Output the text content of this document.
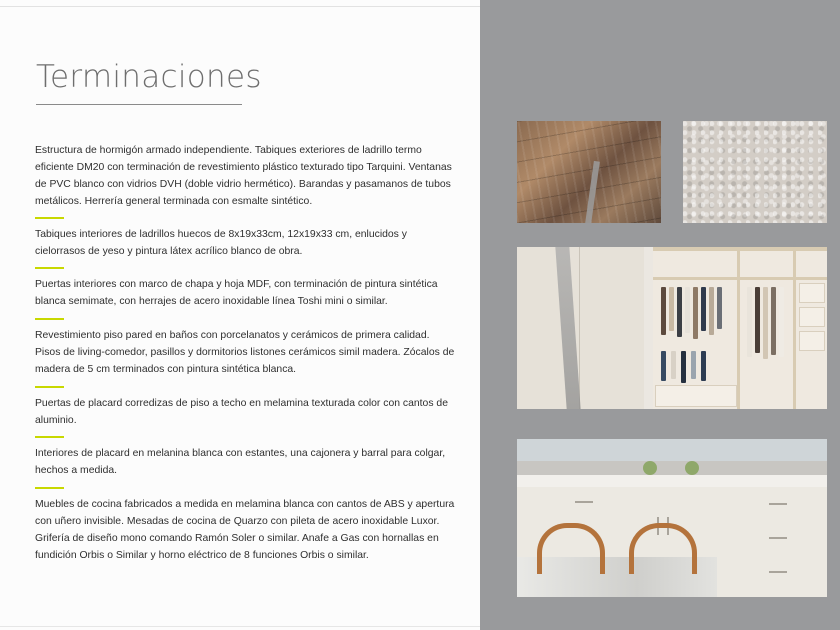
Terminaciones

Estructura de hormigón armado independiente. Tabiques exteriores de ladrillo termo eficiente DM20 con terminación de revestimiento plástico texturado tipo Tarquini. Ventanas de PVC blanco con vidrios DVH (doble vidrio hermético). Barandas y pasamanos de tubos metálicos. Herrería general terminada con esmalte sintético.

Tabiques interiores de ladrillos huecos de 8x19x33cm, 12x19x33 cm, enlucidos y cielorrasos de yeso y pintura látex acrílico blanco de obra.

Puertas interiores con marco de chapa y hoja MDF, con terminación de pintura sintética blanca semimate, con herrajes de acero inoxidable línea Toshi mini o similar.

Revestimiento piso pared en baños con porcelanatos y cerámicos de primera calidad. Pisos de living-comedor, pasillos y dormitorios listones cerámicos simil madera. Zócalos de madera de 5 cm terminados con pintura sintética blanca.

Puertas de placard corredizas de piso a techo en melamina texturada color con cantos de aluminio.

Interiores de placard en melanina blanca con estantes, una cajonera y barral para colgar, hechos a medida.

Muebles de cocina fabricados a medida en melamina blanca con cantos de ABS y apertura con uñero invisible. Mesadas de cocina de Quarzo con pileta de acero inoxidable Luxor. Grifería de diseño mono comando Ramón Soler o similar. Anafe a Gas con hornallas en fundición Orbis o Similar y horno eléctrico de 8 funciones Orbis o similar.
